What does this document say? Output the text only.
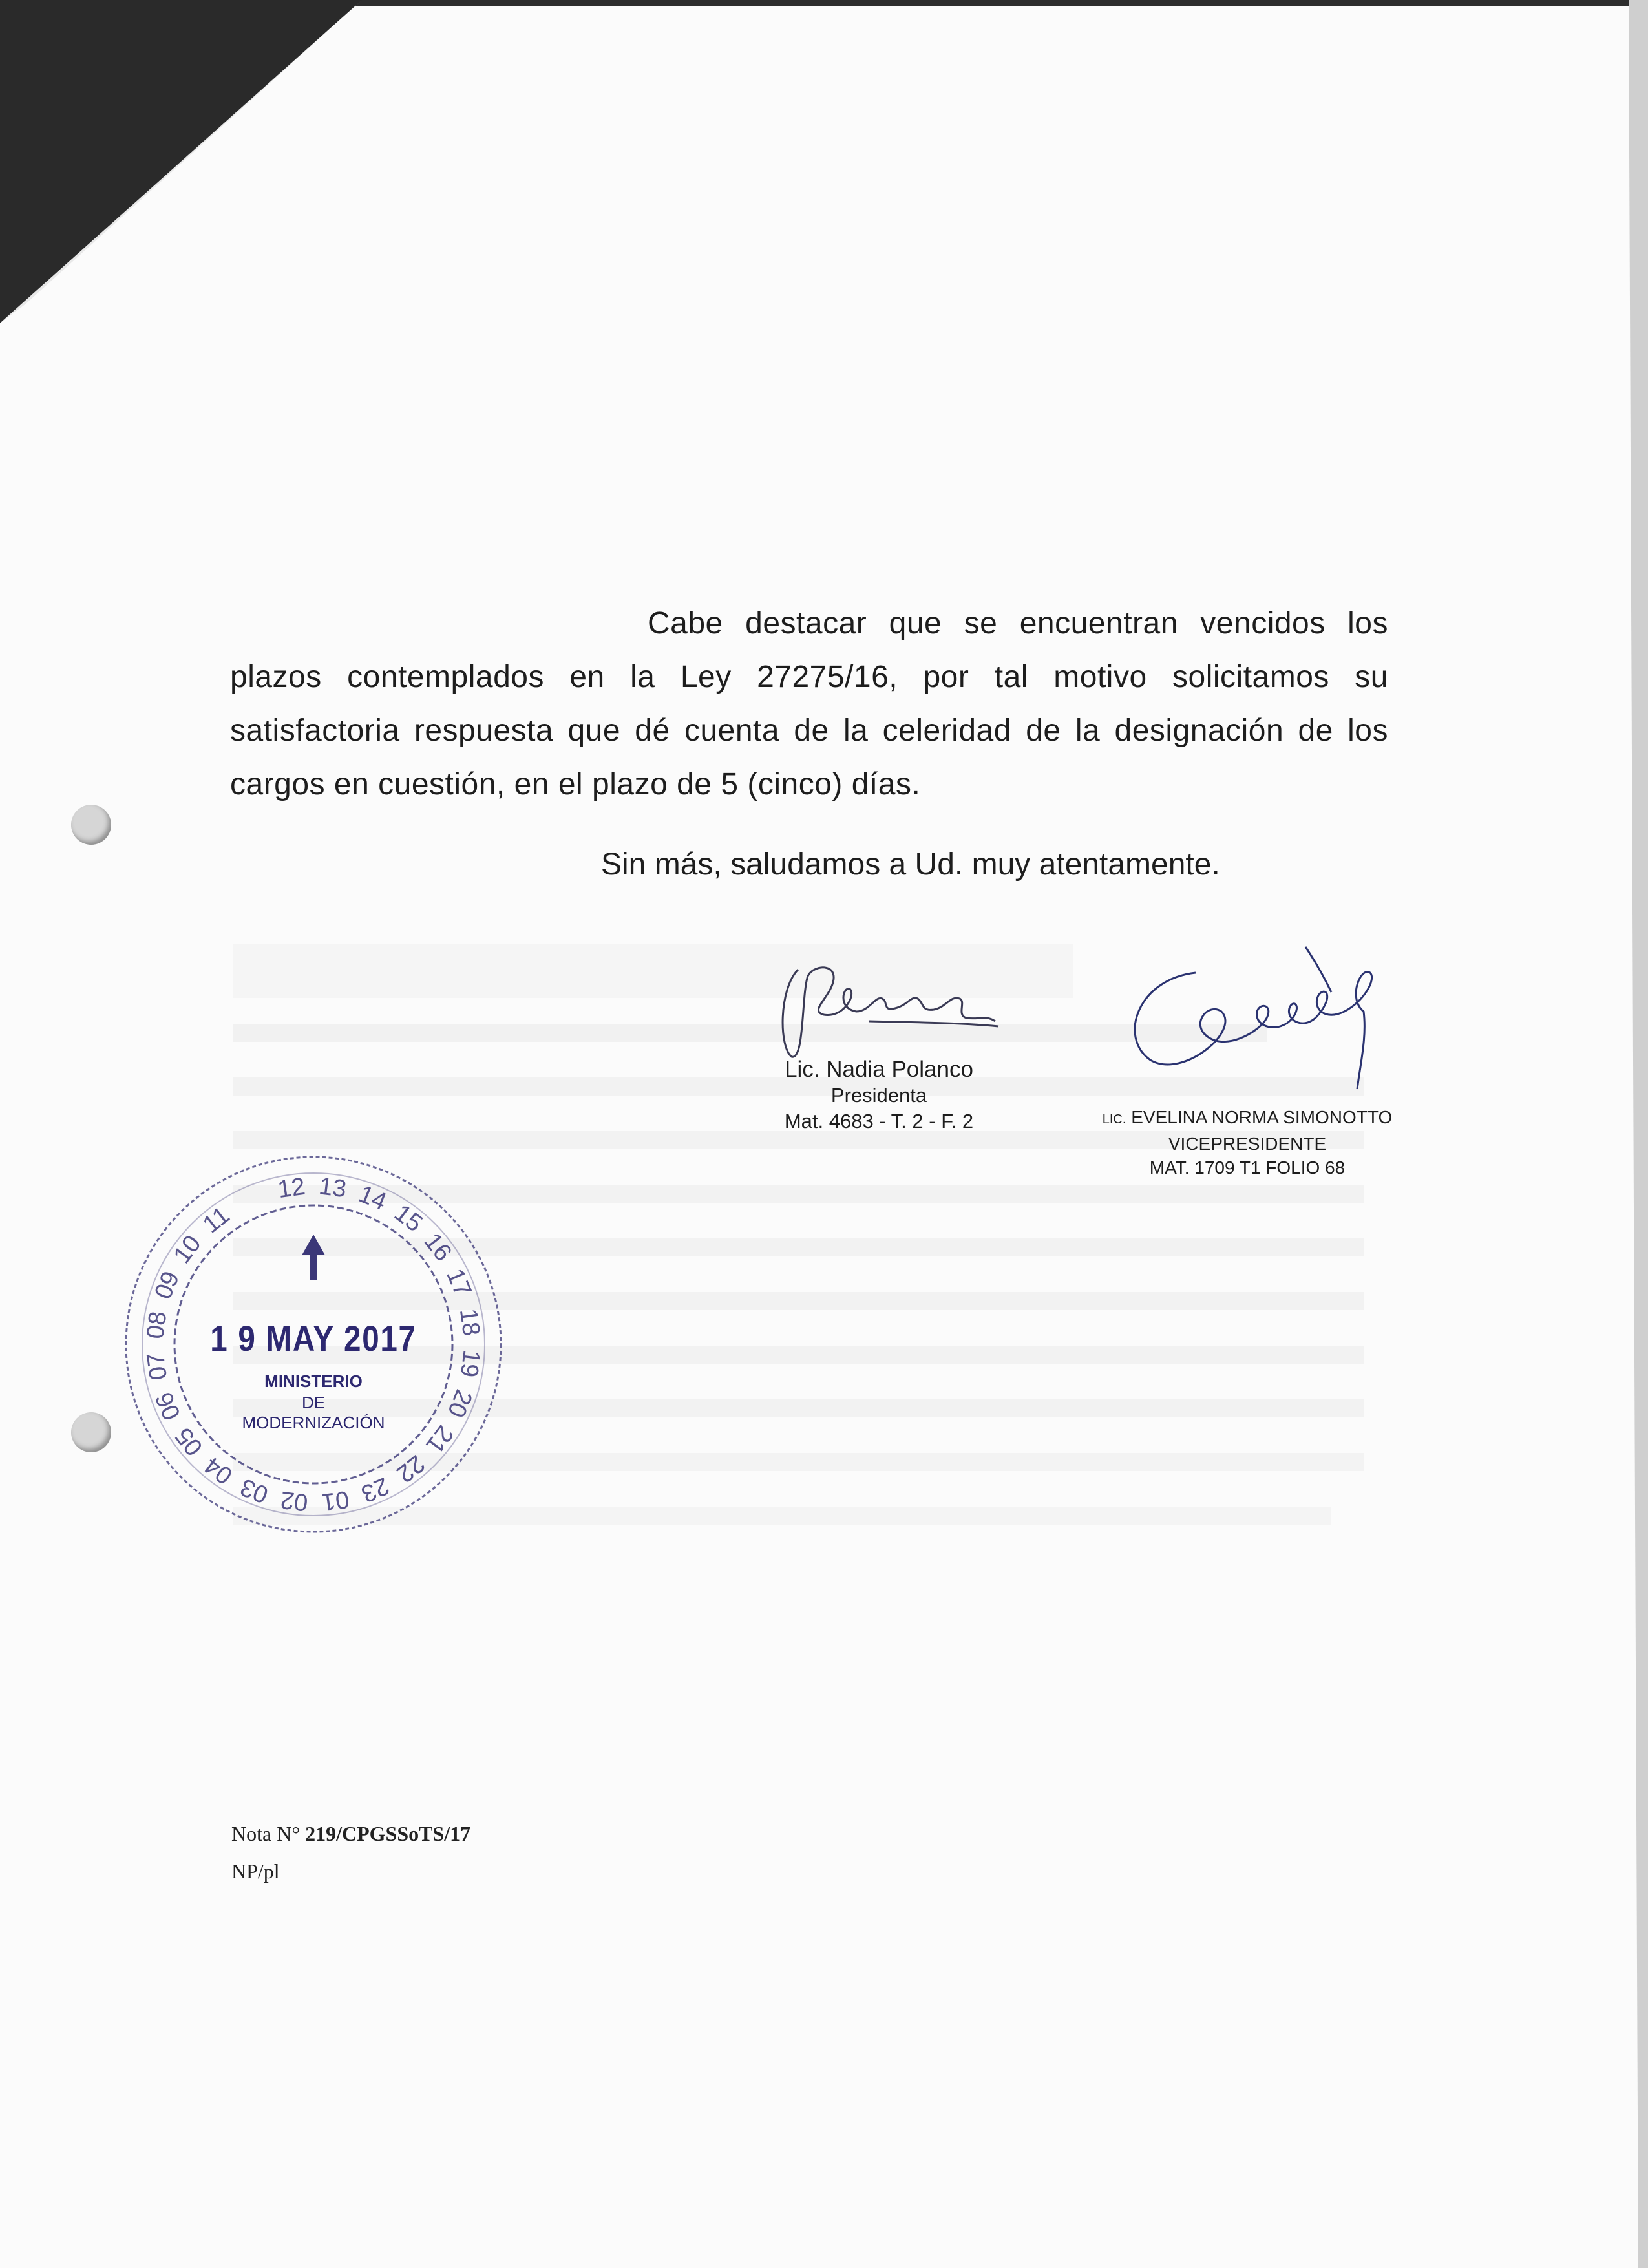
Cabe destacar que se encuentran vencidos los plazos contemplados en la Ley 27275/16, por tal motivo solicitamos su satisfactoria respuesta que dé cuenta de la celeridad de la designación de los cargos en cuestión, en el plazo de 5 (cinco) días.

Sin más, saludamos a Ud. muy atentamente.
Lic. Nadia Polanco
Presidenta
Mat. 4683 - T. 2 - F. 2	LIC. EVELINA NORMA SIMONOTTO
VICEPRESIDENTE
MAT. 1709 T1 FOLIO 68
12 13 14
15
16
17
18
19
20
21
22
23
01
02
03
04
05
06
07
08
09
10
11
1 9 MAY 2017
MINISTERIO
DE
MODERNIZACIÓN
Nota N° 219/CPGSSoTS/17
NP/pl
